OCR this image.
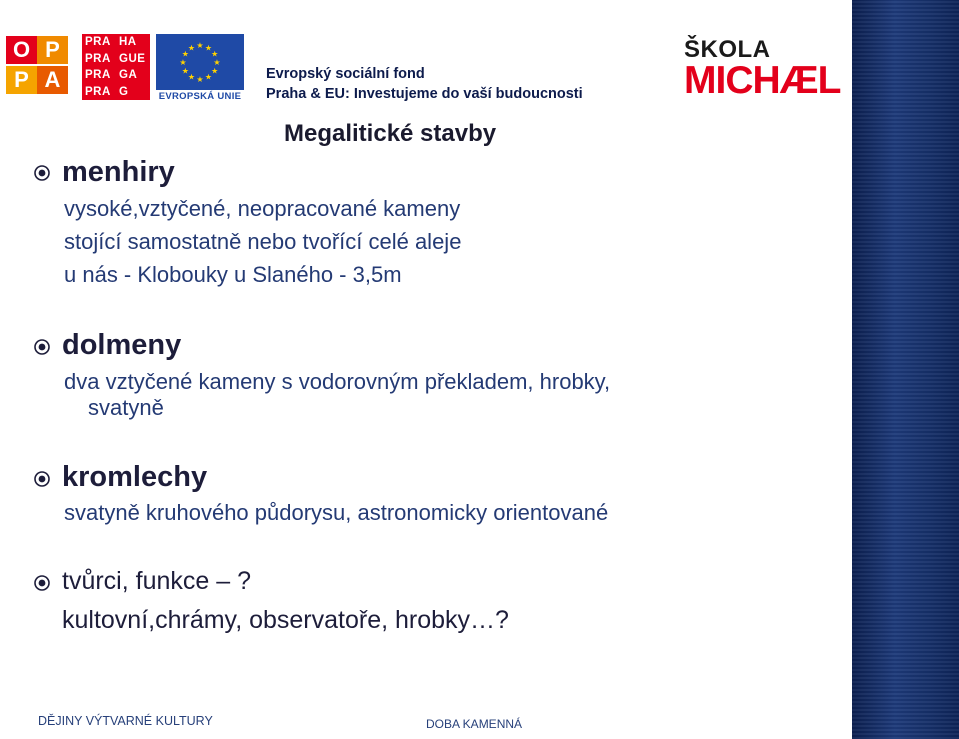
O P
P A
PRA HA
PRA GUE
PRA GA
PRA G
★ ★
★
★
★
★
★
★
★
★
★
★
EVROPSKÁ UNIE
Evropský sociální fond
Praha & EU: Investujeme do vaší budoucnosti
ŠKOLA
MICHÆL
Megalitické stavby
menhiry
vysoké,vztyčené, neopracované kameny
stojící samostatně nebo tvořící celé aleje
u nás - Klobouky u Slaného - 3,5m
dolmeny
dva vztyčené kameny s vodorovným překladem, hrobky,
svatyně
kromlechy
svatyně kruhového půdorysu, astronomicky orientované
tvůrci, funkce – ?
kultovní,chrámy, observatoře, hrobky…?
DĚJINY VÝTVARNÉ KULTURY	DOBA KAMENNÁ
